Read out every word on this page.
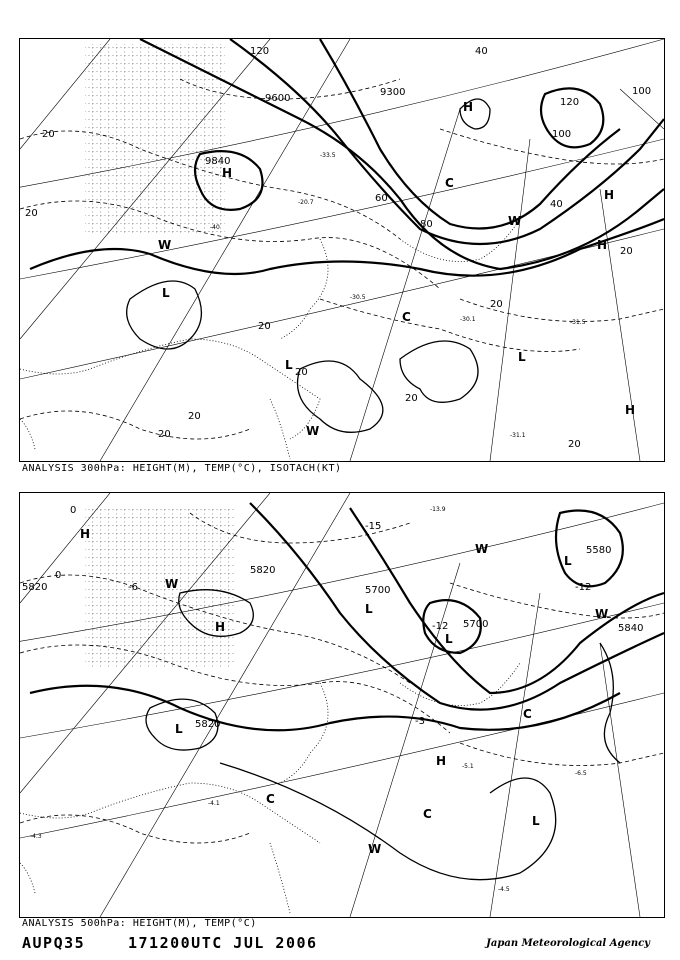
9600
9840
9300
120
20
20
20
20
20
20
20
20
20
20
40
40
60
80
100
100
120
-40
-30.5
-31.5
-31.1
-30.1
-20.7
-33.5
H
H
H
H
H
L
L
L
C
C
W
W
W
ANALYSIS 300hPa: HEIGHT(M), TEMP(°C), ISOTACH(KT)
5820
5820
5820
5700
5700
5580
5840
-15
-12
-12
-6
-3
0
0
-4.5
-5.1
-6.5
-4.1
-4.3
-13.9
H
H
H
L
L
L
L
L
C
C
C
W
W
W
W
ANALYSIS 500hPa: HEIGHT(M), TEMP(°C)
AUPQ35	171200UTC JUL 2006	Japan Meteorological Agency
